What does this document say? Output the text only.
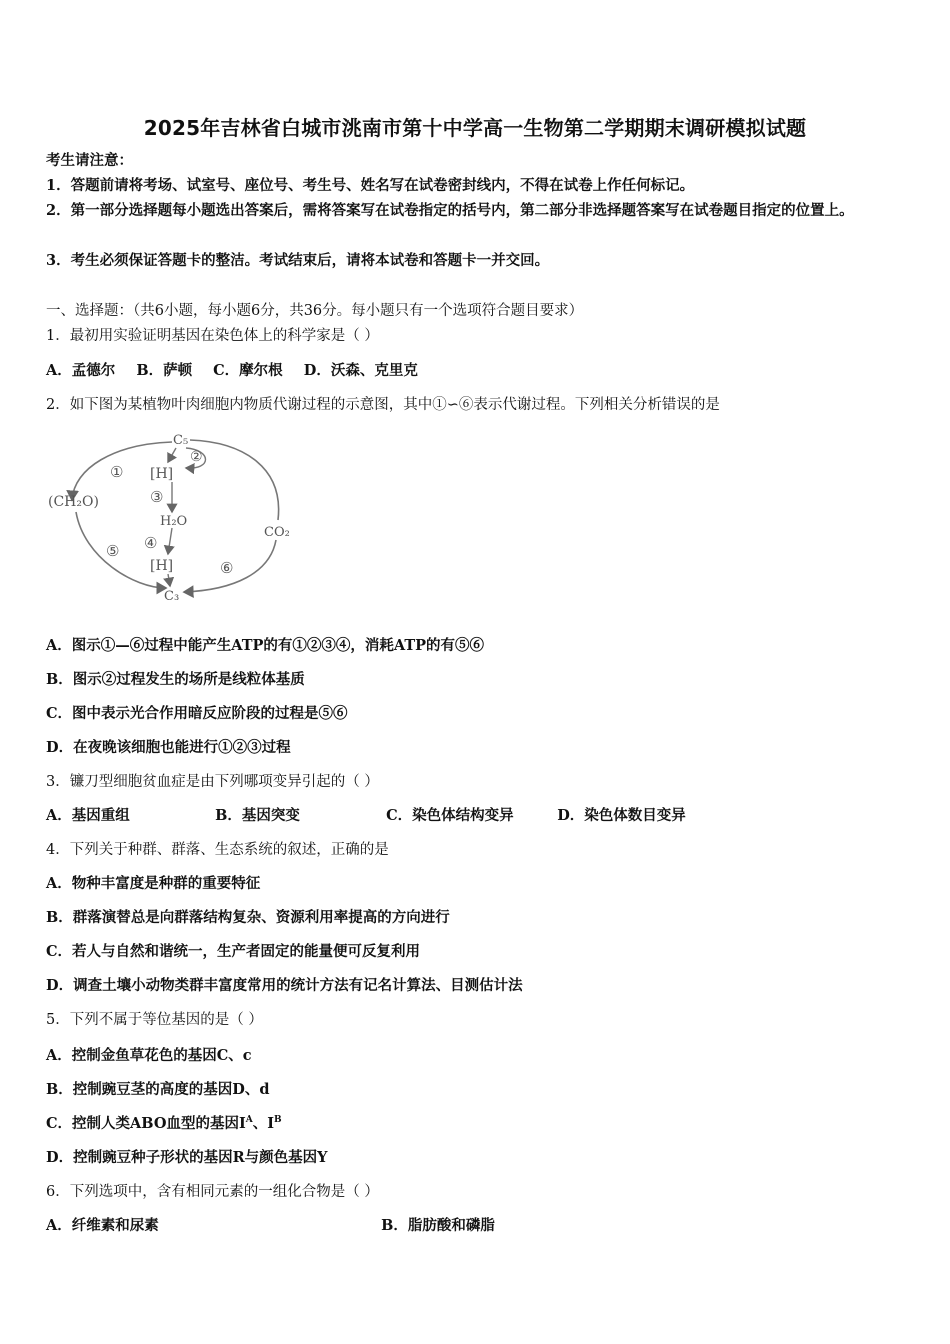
2025年吉林省白城市洮南市第十中学高一生物第二学期期末调研模拟试题
考生请注意：
1．答题前请将考场、试室号、座位号、考生号、姓名写在试卷密封线内，不得在试卷上作任何标记。
2．第一部分选择题每小题选出答案后，需将答案写在试卷指定的括号内，第二部分非选择题答案写在试卷题目指定的位置上。
3．考生必须保证答题卡的整洁。考试结束后，请将本试卷和答题卡一并交回。
一、选择题：（共6小题，每小题6分，共36分。每小题只有一个选项符合题目要求）
1．最初用实验证明基因在染色体上的科学家是（ ）
A．孟德尔 B．萨顿 C．摩尔根 D．沃森、克里克
2．如下图为某植物叶肉细胞内物质代谢过程的示意图，其中①∽⑥表示代谢过程。下列相关分析错误的是
C₅
[H]
H₂O
[H]
C₃
(CH₂O)
CO₂
①
②
③
④
⑤
⑥
A．图示①—⑥过程中能产生ATP的有①②③④，消耗ATP的有⑤⑥
B．图示②过程发生的场所是线粒体基质
C．图中表示光合作用暗反应阶段的过程是⑤⑥
D．在夜晚该细胞也能进行①②③过程
3．镰刀型细胞贫血症是由下列哪项变异引起的（ ）
A．基因重组	B．基因突变	C．染色体结构变异	D．染色体数目变异
4．下列关于种群、群落、生态系统的叙述，正确的是
A．物种丰富度是种群的重要特征
B．群落演替总是向群落结构复杂、资源利用率提高的方向进行
C．若人与自然和谐统一，生产者固定的能量便可反复利用
D．调查土壤小动物类群丰富度常用的统计方法有记名计算法、目测估计法
5．下列不属于等位基因的是（ ）
A．控制金鱼草花色的基因C、c
B．控制豌豆茎的高度的基因D、d
C．控制人类ABO血型的基因$I^A$、$I^B$
D．控制豌豆种子形状的基因R与颜色基因Y
6．下列选项中，含有相同元素的一组化合物是（ ）
A．纤维素和尿素	B．脂肪酸和磷脂
